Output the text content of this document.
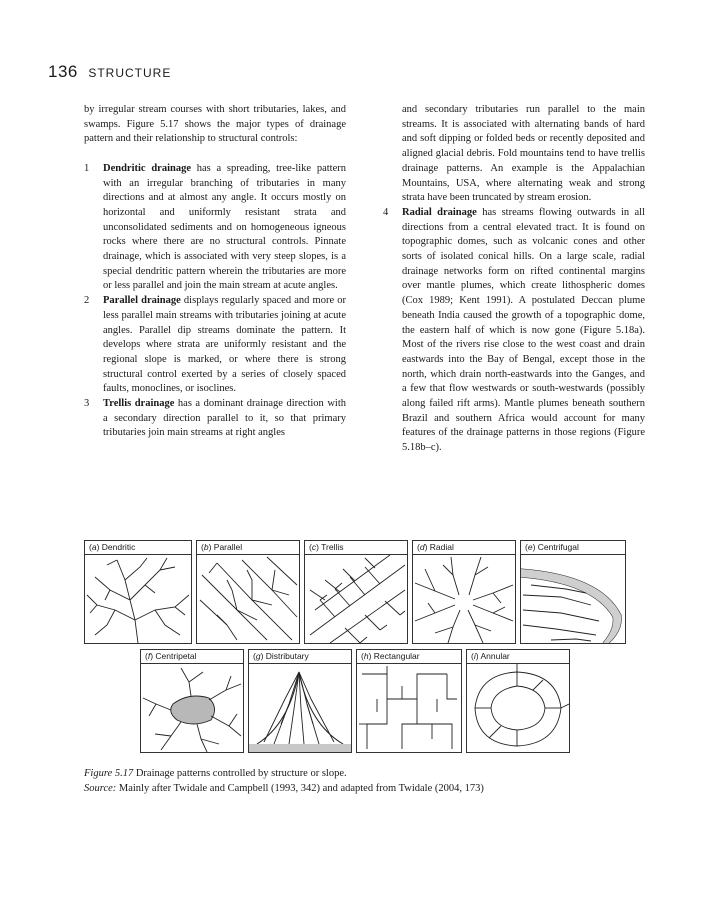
136 STRUCTURE

by irregular stream courses with short tributaries, lakes, and swamps. Figure 5.17 shows the major types of drainage pattern and their relationship to structural controls:

1 Dendritic drainage has a spreading, tree-like pattern with an irregular branching of tributaries in many directions and at almost any angle. It occurs mostly on horizontal and uniformly resistant strata and unconsolidated sediments and on homogeneous igneous rocks where there are no structural controls. Pinnate drainage, which is associated with very steep slopes, is a special dendritic pattern wherein the tributaries are more or less parallel and join the main stream at acute angles.

2 Parallel drainage displays regularly spaced and more or less parallel main streams with tributaries joining at acute angles. Parallel dip streams dominate the pattern. It develops where strata are uniformly resistant and the regional slope is marked, or where there is strong structural control exerted by a series of closely spaced faults, monoclines, or isoclines.

3 Trellis drainage has a dominant drainage direction with a secondary direction parallel to it, so that primary tributaries join main streams at right angles

and secondary tributaries run parallel to the main streams. It is associated with alternating bands of hard and soft dipping or folded beds or recently deposited and aligned glacial debris. Fold mountains tend to have trellis drainage patterns. An example is the Appalachian Mountains, USA, where alternating weak and strong strata have been truncated by stream erosion.

4 Radial drainage has streams flowing outwards in all directions from a central elevated tract. It is found on topographic domes, such as volcanic cones and other sorts of isolated conical hills. On a large scale, radial drainage networks form on rifted continental margins over mantle plumes, which create lithospheric domes (Cox 1989; Kent 1991). A postulated Deccan plume beneath India caused the growth of a topographic dome, the eastern half of which is now gone (Figure 5.18a). Most of the rivers rise close to the west coast and drain eastwards into the Bay of Bengal, except those in the north, which drain north-eastwards into the Ganges, and a few that flow westwards or south-westwards (possibly along failed rift arms). Mantle plumes beneath southern Brazil and southern Africa would account for many features of the drainage patterns in those regions (Figure 5.18b–c).

(a) Dendritic	(b) Parallel	(c) Trellis	(d) Radial	(e) Centrifugal
(f) Centripetal	(g) Distributary	(h) Rectangular	(i) Annular
Figure 5.17 Drainage patterns controlled by structure or slope.
Source: Mainly after Twidale and Campbell (1993, 342) and adapted from Twidale (2004, 173)
